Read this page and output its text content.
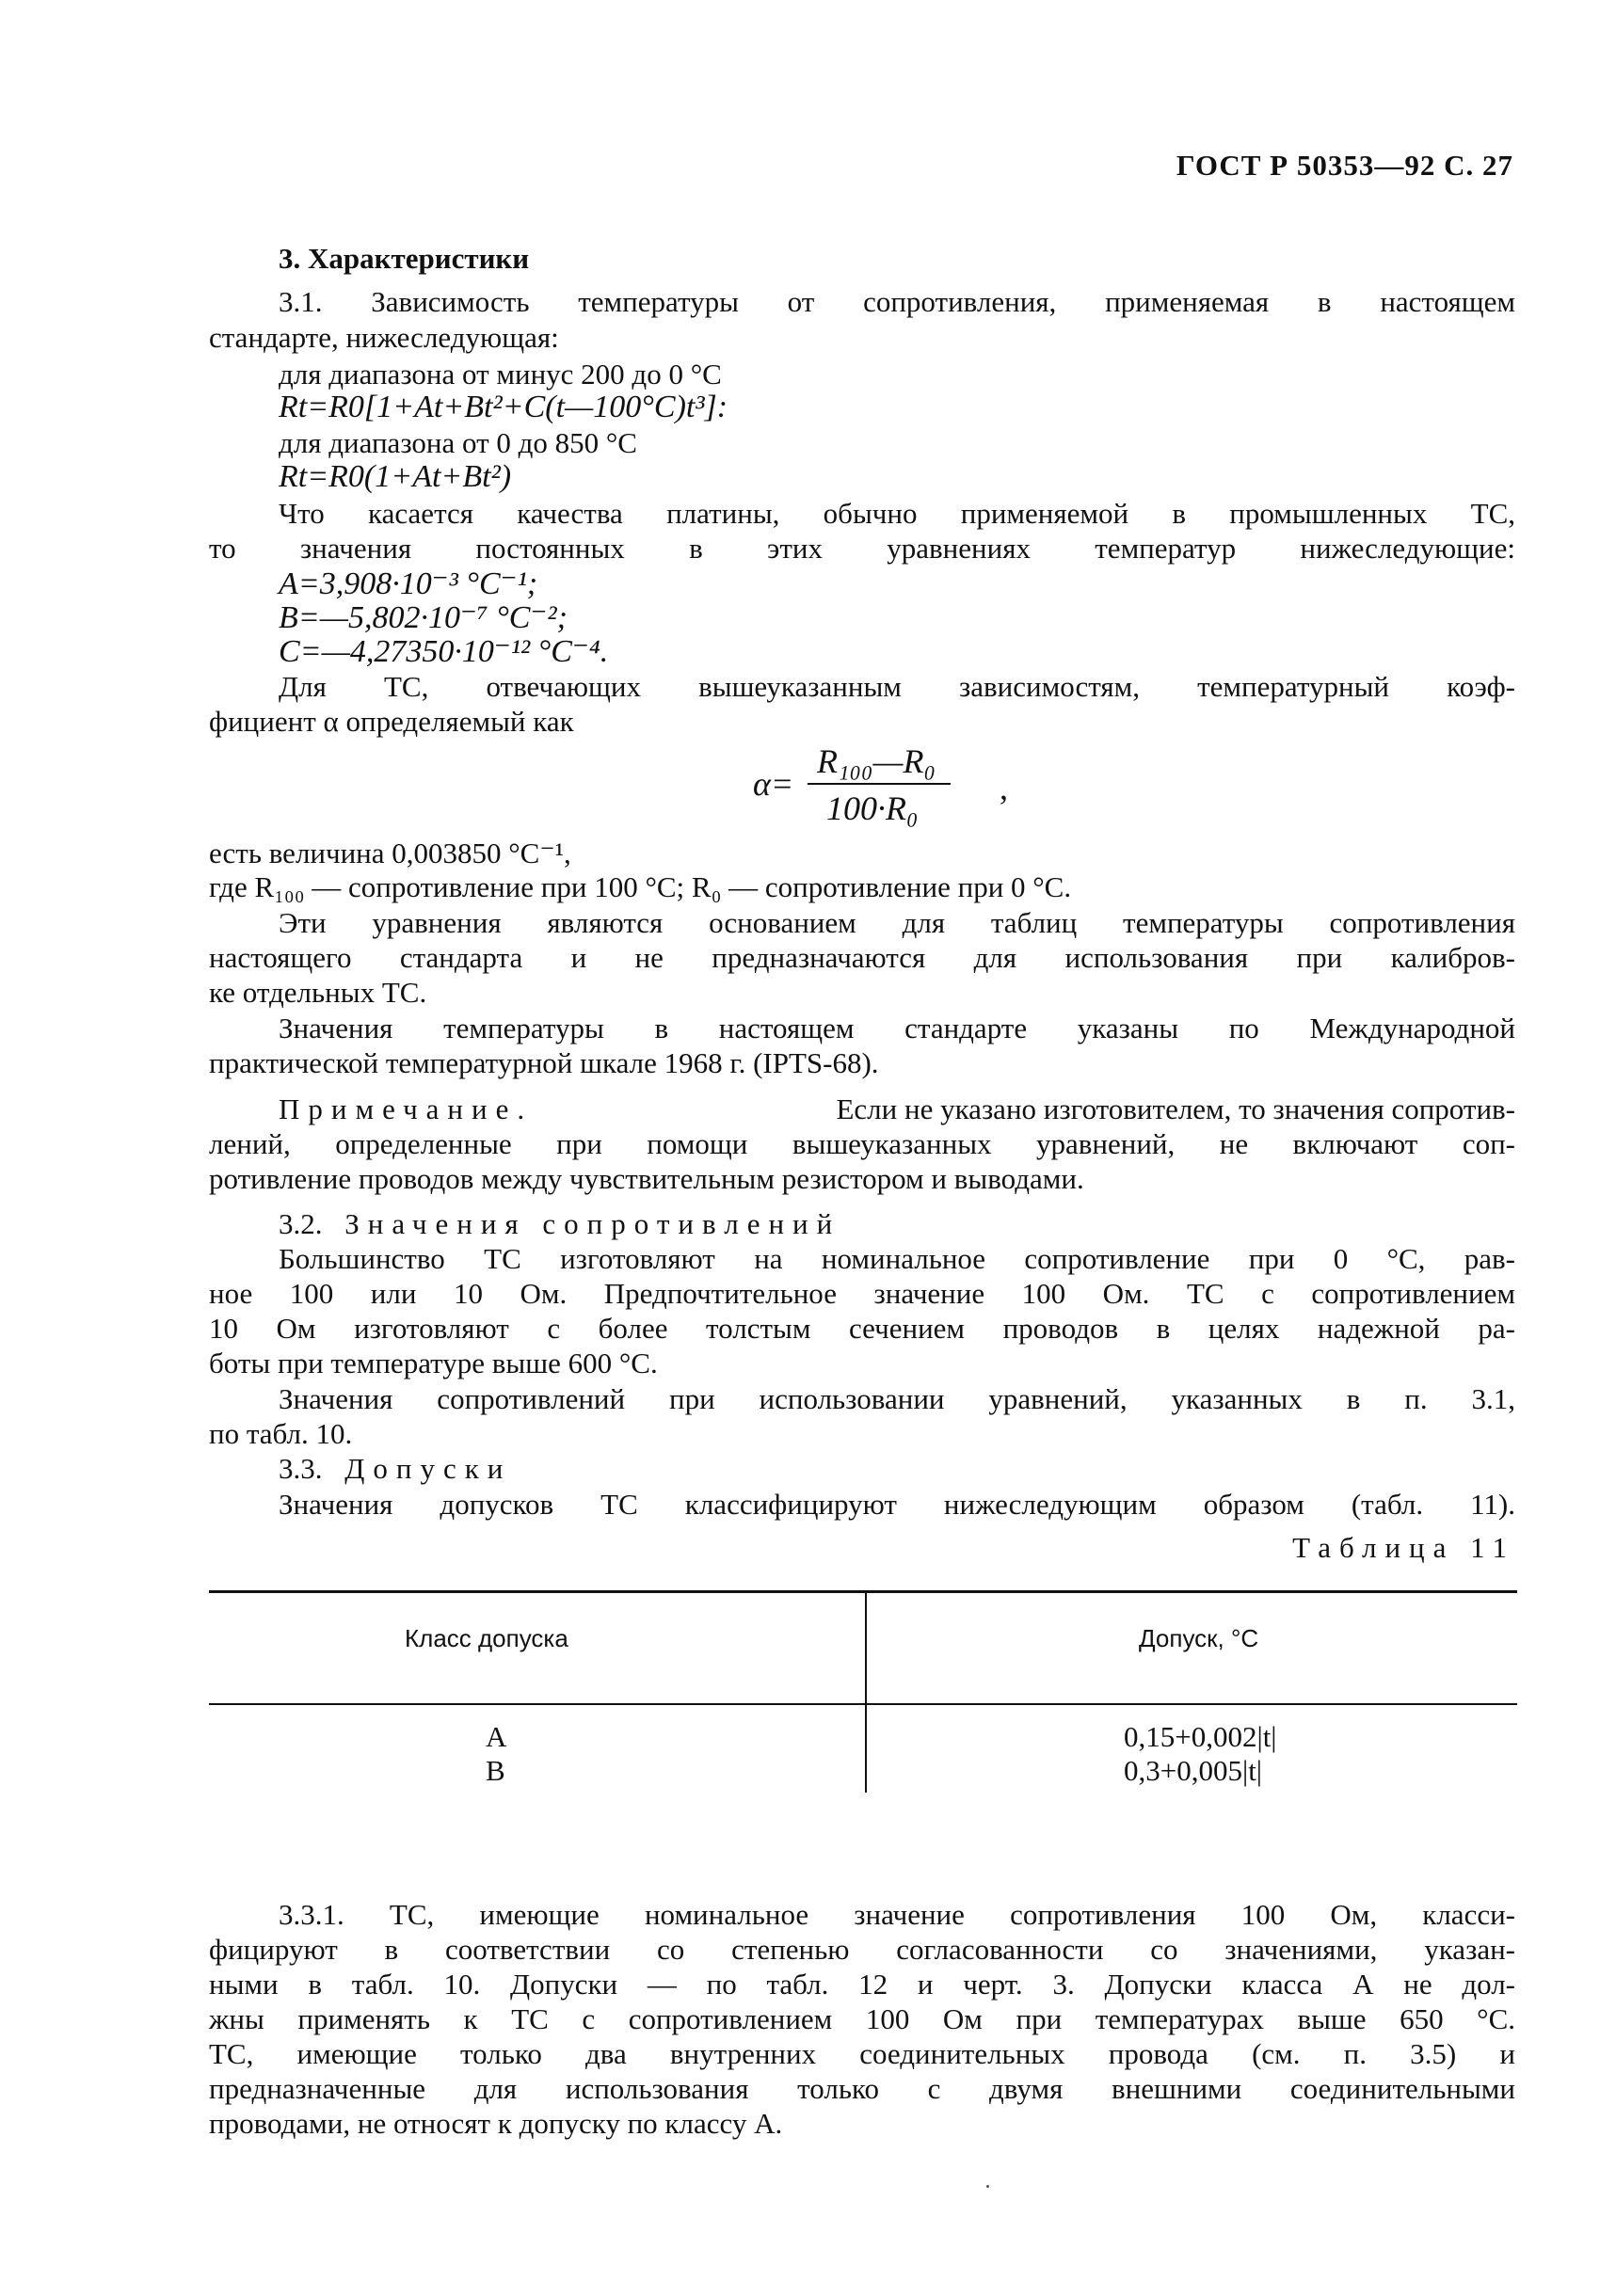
ГОСТ Р 50353—92 С. 27
3. Характеристики
3.1. Зависимость температуры от сопротивления, применяемая в настоящем
стандарте, нижеследующая:
для диапазона от минус 200 до 0 °C
Rt=R0[1+At+Bt²+C(t—100°C)t³]:
для диапазона от 0 до 850 °C
Rt=R0(1+At+Bt²)
Что касается качества платины, обычно применяемой в промышленных ТС,
то значения постоянных в этих уравнениях температур нижеследующие:
A=3,908·10⁻³ °C⁻¹;
B=—5,802·10⁻⁷ °C⁻²;
C=—4,27350·10⁻¹² °C⁻⁴.
Для ТС, отвечающих вышеуказанным зависимостям, температурный коэф-
фициент α определяемый как
α=
R₁₀₀—R₀
100·R₀
,
есть величина 0,003850 °C⁻¹,
где R₁₀₀ — сопротивление при 100 °C; R₀ — сопротивление при 0 °C.
Эти уравнения являются основанием для таблиц температуры сопротивления
настоящего стандарта и не предназначаются для использования при калибров-
ке отдельных ТС.
Значения температуры в настоящем стандарте указаны по Международной
практической температурной шкале 1968 г. (IPTS-68).
Примечание.	Если не указано изготовителем, то значения сопротив-
лений, определенные при помощи вышеуказанных уравнений, не включают соп-
ротивление проводов между чувствительным резистором и выводами.
3.2. Значения сопротивлений
Большинство ТС изготовляют на номинальное сопротивление при 0 °C, рав-
ное 100 или 10 Ом. Предпочтительное значение 100 Ом. ТС с сопротивлением
10 Ом изготовляют с более толстым сечением проводов в целях надежной ра-
боты при температуре выше 600 °C.
Значения сопротивлений при использовании уравнений, указанных в п. 3.1,
по табл. 10.
3.3. Допуски
Значения допусков ТС классифицируют нижеследующим образом (табл. 11).
Таблица 11
Класс допуска	Допуск, °C
A	0,15+0,002|t|
B	0,3+0,005|t|
3.3.1. ТС, имеющие номинальное значение сопротивления 100 Ом, класси-
фицируют в соответствии со степенью согласованности со значениями, указан-
ными в табл. 10. Допуски — по табл. 12 и черт. 3. Допуски класса А не дол-
жны применять к ТС с сопротивлением 100 Ом при температурах выше 650 °C.
ТС, имеющие только два внутренних соединительных провода (см. п. 3.5) и
предназначенные для использования только с двумя внешними соединительными
проводами, не относят к допуску по классу А.
